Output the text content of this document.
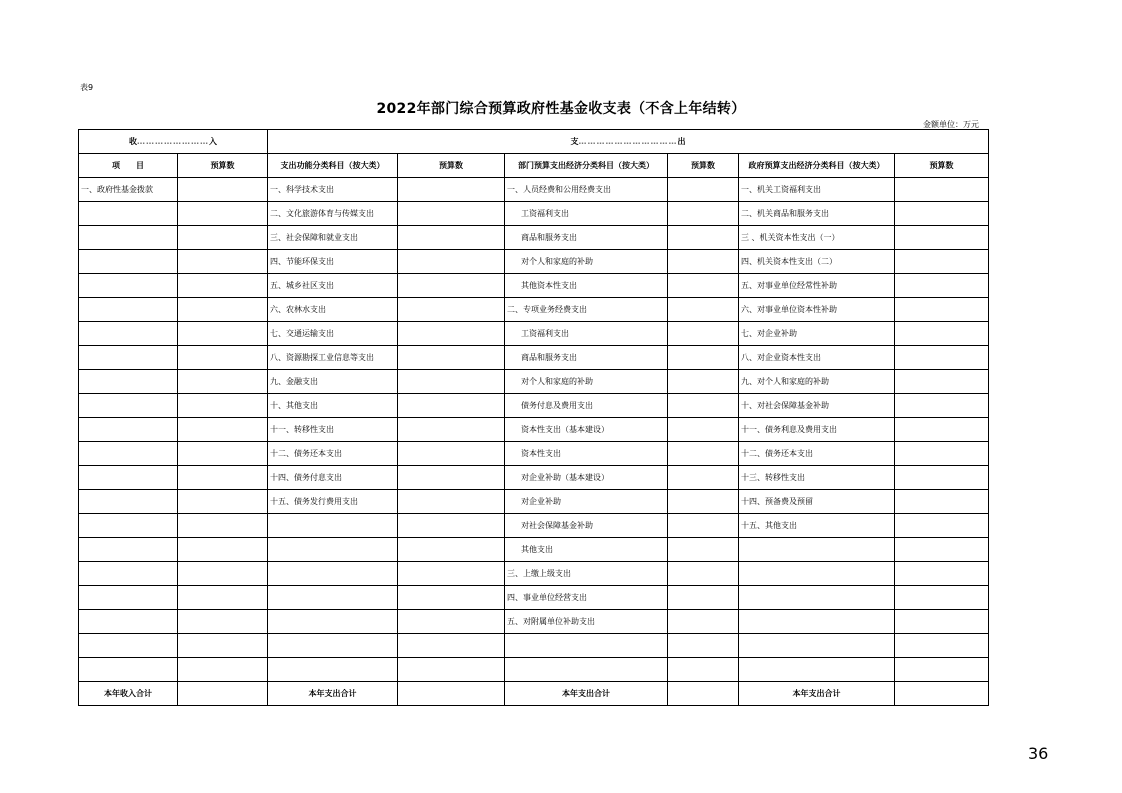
表9
2022年部门综合预算政府性基金收支表（不含上年结转）
金额单位：万元
收……………………入		支……………………………出					
项　　目	预算数	支出功能分类科目（按大类）	预算数	部门预算支出经济分类科目（按大类）	预算数	政府预算支出经济分类科目（按大类）	预算数
一、政府性基金拨款		一、科学技术支出		一、人员经费和公用经费支出		一、机关工资福利支出	
		二、文化旅游体育与传媒支出		工资福利支出		二、机关商品和服务支出	
		三、社会保障和就业支出		商品和服务支出		三 、机关资本性支出（一）	
		四、节能环保支出		对个人和家庭的补助		四、机关资本性支出（二）	
		五、城乡社区支出		其他资本性支出		五、对事业单位经常性补助	
		六、农林水支出		二、专项业务经费支出		六、对事业单位资本性补助	
		七、交通运输支出		工资福利支出		七、对企业补助	
		八、资源勘探工业信息等支出		商品和服务支出		八、对企业资本性支出	
		九、金融支出		对个人和家庭的补助		九、对个人和家庭的补助	
		十、其他支出		债务付息及费用支出		十、对社会保障基金补助	
		十一、转移性支出		资本性支出（基本建设）		十一、债务利息及费用支出	
		十二、债务还本支出		资本性支出		十二、债务还本支出	
		十四、债务付息支出		对企业补助（基本建设）		十三、转移性支出	
		十五、债务发行费用支出		对企业补助		十四、预备费及预留	
				对社会保障基金补助		十五、其他支出	
				其他支出			
				三、上缴上级支出			
				四、事业单位经营支出			
				五、对附属单位补助支出			

本年收入合计		本年支出合计		本年支出合计		本年支出合计	
36
